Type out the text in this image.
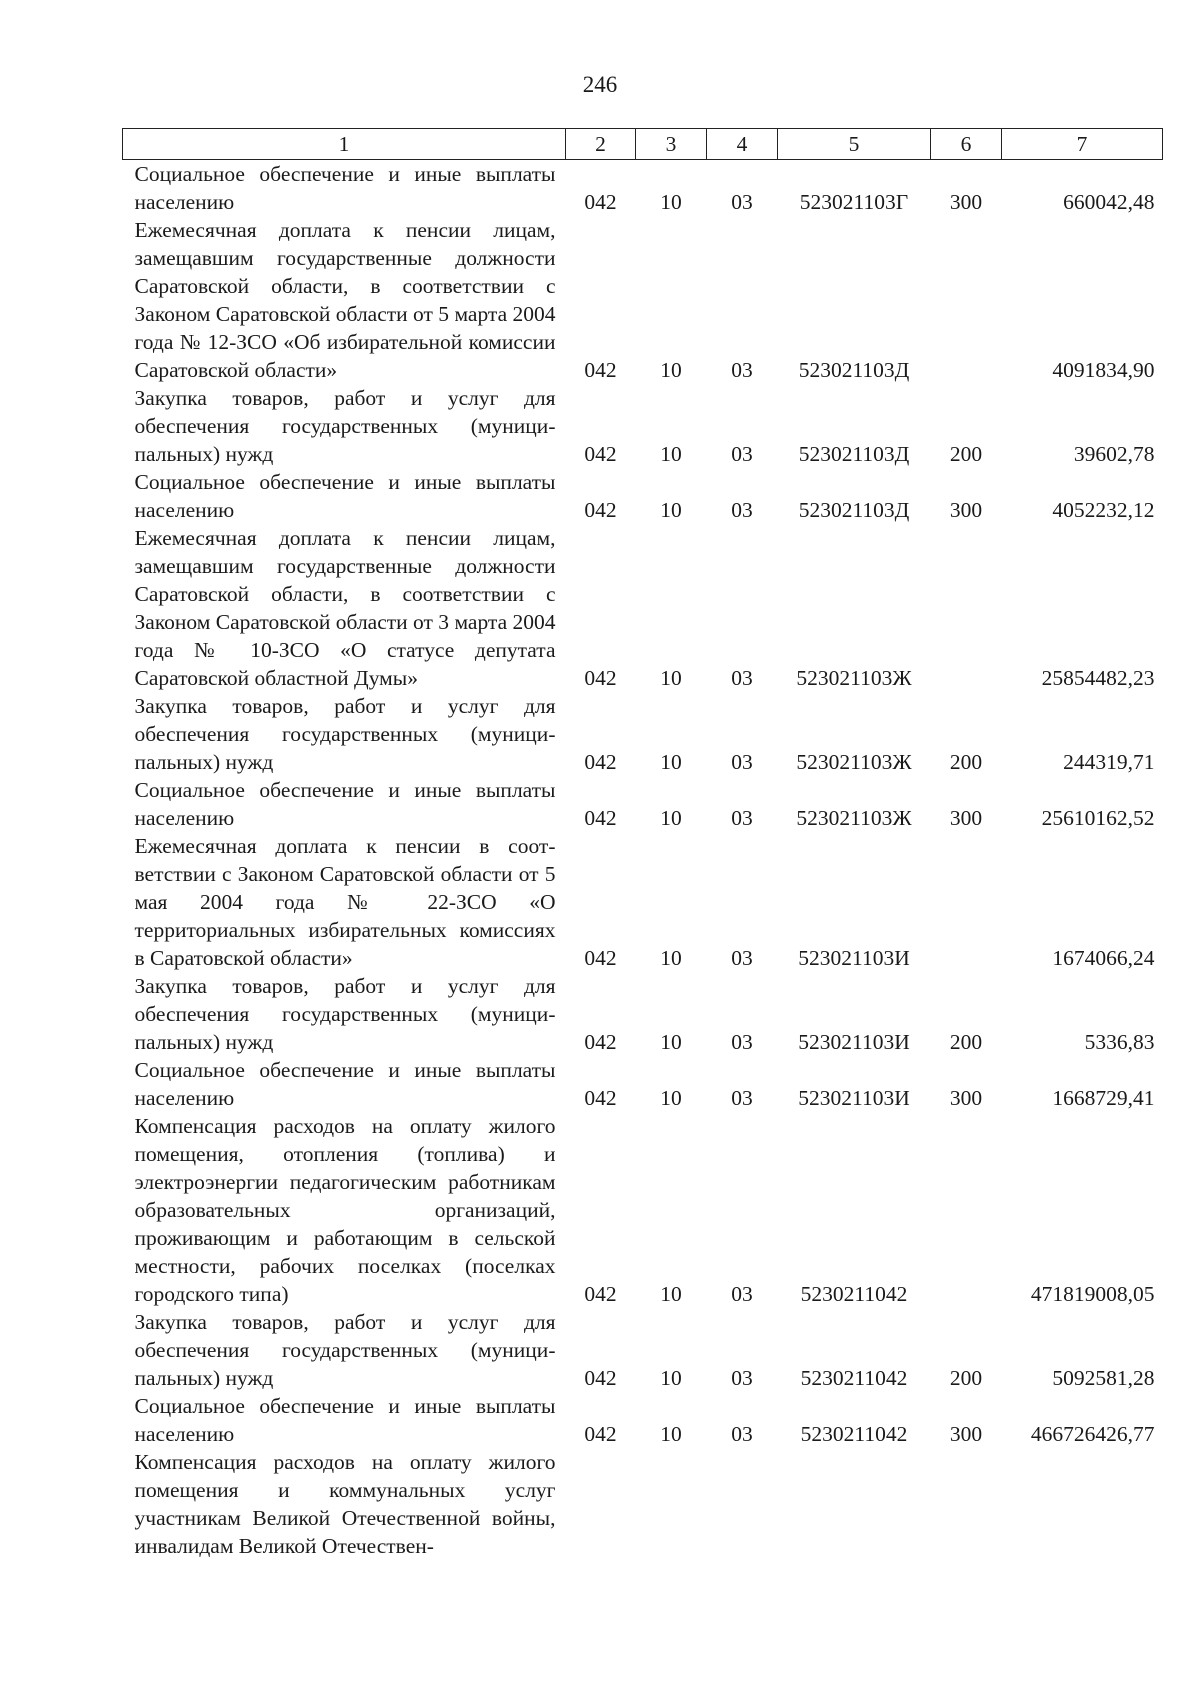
246
1	2	3	4	5	6	7
Социальное обеспечение и иные выплаты населению	042	10	03	523021103Г	300	660042,48
Ежемесячная доплата к пенсии лицам, замещавшим государственные должности Саратовской области, в соответствии с Законом Саратовской области от 5 марта 2004 года № 12-ЗСО «Об избирательной комиссии Саратовской области»	042	10	03	523021103Д		4091834,90
Закупка товаров, работ и услуг для обеспечения государственных (муниципальных) нужд	042	10	03	523021103Д	200	39602,78
Социальное обеспечение и иные выплаты населению	042	10	03	523021103Д	300	4052232,12
Ежемесячная доплата к пенсии лицам, замещавшим государственные должности Саратовской области, в соответствии с Законом Саратовской области от 3 марта 2004 года № 10-ЗСО «О статусе депутата Саратовской областной Думы»	042	10	03	523021103Ж		25854482,23
Закупка товаров, работ и услуг для обеспечения государственных (муниципальных) нужд	042	10	03	523021103Ж	200	244319,71
Социальное обеспечение и иные выплаты населению	042	10	03	523021103Ж	300	25610162,52
Ежемесячная доплата к пенсии в соответствии с Законом Саратовской области от 5 мая 2004 года № 22-ЗСО «О территориальных избирательных комиссиях в Саратовской области»	042	10	03	523021103И		1674066,24
Закупка товаров, работ и услуг для обеспечения государственных (муниципальных) нужд	042	10	03	523021103И	200	5336,83
Социальное обеспечение и иные выплаты населению	042	10	03	523021103И	300	1668729,41
Компенсация расходов на оплату жилого помещения, отопления (топлива) и электроэнергии педагогическим работникам образовательных организаций, проживающим и работающим в сельской местности, рабочих поселках (поселках городского типа)	042	10	03	5230211042		471819008,05
Закупка товаров, работ и услуг для обеспечения государственных (муниципальных) нужд	042	10	03	5230211042	200	5092581,28
Социальное обеспечение и иные выплаты населению	042	10	03	5230211042	300	466726426,77
Компенсация расходов на оплату жилого помещения и коммунальных услуг участникам Великой Отечественной войны, инвалидам Великой Отечествен-						
